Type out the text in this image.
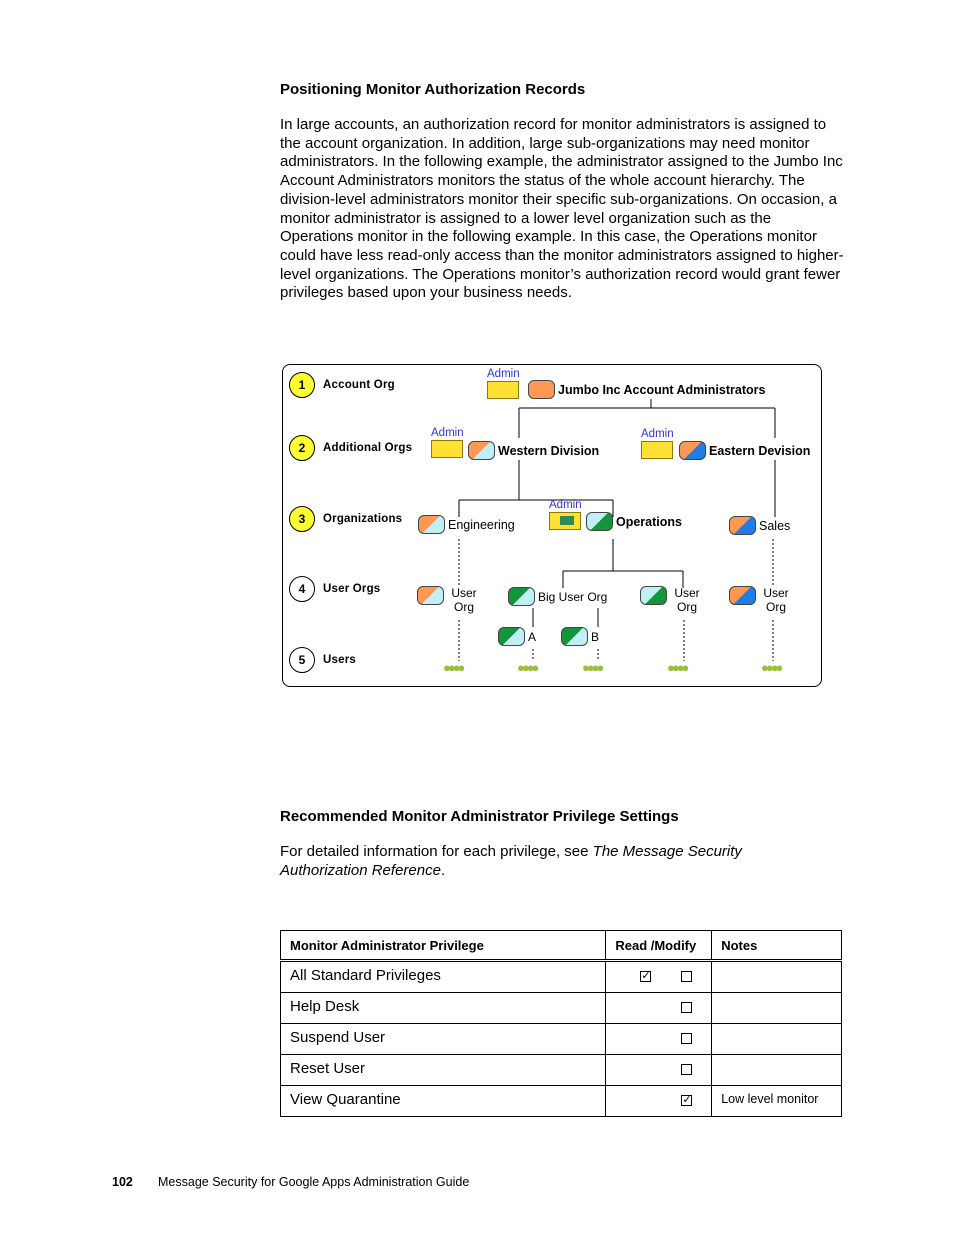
Positioning Monitor Authorization Records

In large accounts, an authorization record for monitor administrators is assigned to the account organization. In addition, large sub-organizations may need monitor administrators. In the following example, the administrator assigned to the Jumbo Inc Account Administrators monitors the status of the whole account hierarchy. The division-level administrators monitor their specific sub-organizations. On occasion, a monitor administrator is assigned to a lower level organization such as the Operations monitor in the following example. In this case, the Operations monitor could have less read-only access than the monitor administrators assigned to higher-level organizations. The Operations monitor’s authorization record would grant fewer privileges based upon your business needs.

1	Account Org
2	Additional Orgs
3	Organizations
4	User Orgs
5	Users
Admin
Admin	Admin
Admin
Jumbo Inc Account Administrators
Western Division	Eastern Devision
Engineering	Operations	Sales
User Org
Big User Org	User Org
User Org
A	B
●●●●	●●●●	●●●●	●●●●	●●●●
Recommended Monitor Administrator Privilege Settings

For detailed information for each privilege, see The Message Security Authorization Reference.

Monitor Administrator Privilege	Read /Modify	Notes

All Standard Privileges	✓	

Help Desk		

Suspend User		

Reset User		

View Quarantine	✓	Low level monitor
102 Message Security for Google Apps Administration Guide
